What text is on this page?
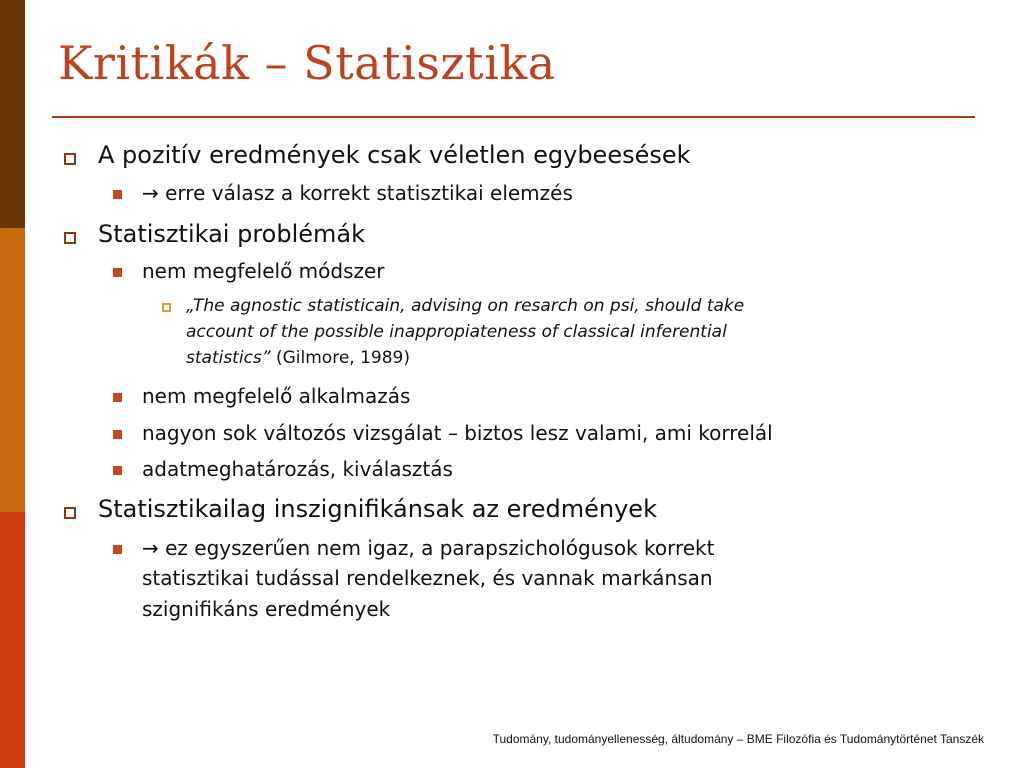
Kritikák – Statisztika
A pozitív eredmények csak véletlen egybeesések
→ erre válasz a korrekt statisztikai elemzés
Statisztikai problémák
nem megfelelő módszer
„The agnostic statisticain, advising on resarch on psi, should take
account of the possible inappropiateness of classical inferential
statistics” (Gilmore, 1989)
nem megfelelő alkalmazás
nagyon sok változós vizsgálat – biztos lesz valami, ami korrelál
adatmeghatározás, kiválasztás
Statisztikailag inszignifikánsak az eredmények
→ ez egyszerűen nem igaz, a parapszichológusok korrekt
statisztikai tudással rendelkeznek, és vannak markánsan
szignifikáns eredmények
Tudomány, tudományellenesség, áltudomány – BME Filozófia és Tudománytörténet Tanszék
